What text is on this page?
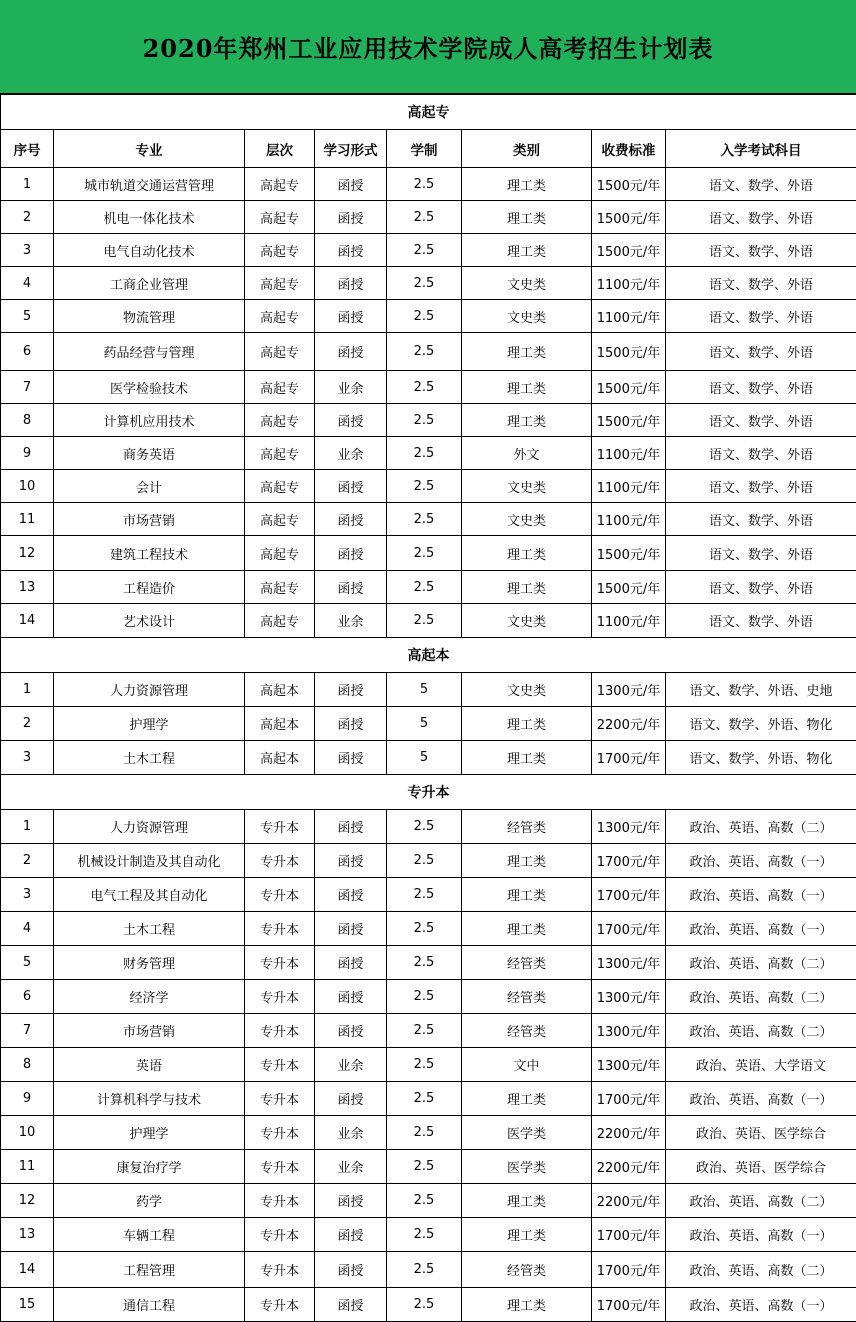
2020年郑州工业应用技术学院成人高考招生计划表
高起专							
序号	专业	层次	学习形式	学制	类别	收费标准	入学考试科目
1	城市轨道交通运营管理	高起专	函授	2.5	理工类	1500元/年	语文、数学、外语
2	机电一体化技术	高起专	函授	2.5	理工类	1500元/年	语文、数学、外语
3	电气自动化技术	高起专	函授	2.5	理工类	1500元/年	语文、数学、外语
4	工商企业管理	高起专	函授	2.5	文史类	1100元/年	语文、数学、外语
5	物流管理	高起专	函授	2.5	文史类	1100元/年	语文、数学、外语
6	药品经营与管理	高起专	函授	2.5	理工类	1500元/年	语文、数学、外语
7	医学检验技术	高起专	业余	2.5	理工类	1500元/年	语文、数学、外语
8	计算机应用技术	高起专	函授	2.5	理工类	1500元/年	语文、数学、外语
9	商务英语	高起专	业余	2.5	外文	1100元/年	语文、数学、外语
10	会计	高起专	函授	2.5	文史类	1100元/年	语文、数学、外语
11	市场营销	高起专	函授	2.5	文史类	1100元/年	语文、数学、外语
12	建筑工程技术	高起专	函授	2.5	理工类	1500元/年	语文、数学、外语
13	工程造价	高起专	函授	2.5	理工类	1500元/年	语文、数学、外语
14	艺术设计	高起专	业余	2.5	文史类	1100元/年	语文、数学、外语
高起本							
1	人力资源管理	高起本	函授	5	文史类	1300元/年	语文、数学、外语、史地
2	护理学	高起本	函授	5	理工类	2200元/年	语文、数学、外语、物化
3	土木工程	高起本	函授	5	理工类	1700元/年	语文、数学、外语、物化
专升本							
1	人力资源管理	专升本	函授	2.5	经管类	1300元/年	政治、英语、高数（二）
2	机械设计制造及其自动化	专升本	函授	2.5	理工类	1700元/年	政治、英语、高数（一）
3	电气工程及其自动化	专升本	函授	2.5	理工类	1700元/年	政治、英语、高数（一）
4	土木工程	专升本	函授	2.5	理工类	1700元/年	政治、英语、高数（一）
5	财务管理	专升本	函授	2.5	经管类	1300元/年	政治、英语、高数（二）
6	经济学	专升本	函授	2.5	经管类	1300元/年	政治、英语、高数（二）
7	市场营销	专升本	函授	2.5	经管类	1300元/年	政治、英语、高数（二）
8	英语	专升本	业余	2.5	文中	1300元/年	政治、英语、大学语文
9	计算机科学与技术	专升本	函授	2.5	理工类	1700元/年	政治、英语、高数（一）
10	护理学	专升本	业余	2.5	医学类	2200元/年	政治、英语、医学综合
11	康复治疗学	专升本	业余	2.5	医学类	2200元/年	政治、英语、医学综合
12	药学	专升本	函授	2.5	理工类	2200元/年	政治、英语、高数（二）
13	车辆工程	专升本	函授	2.5	理工类	1700元/年	政治、英语、高数（一）
14	工程管理	专升本	函授	2.5	经管类	1700元/年	政治、英语、高数（二）
15	通信工程	专升本	函授	2.5	理工类	1700元/年	政治、英语、高数（一）
